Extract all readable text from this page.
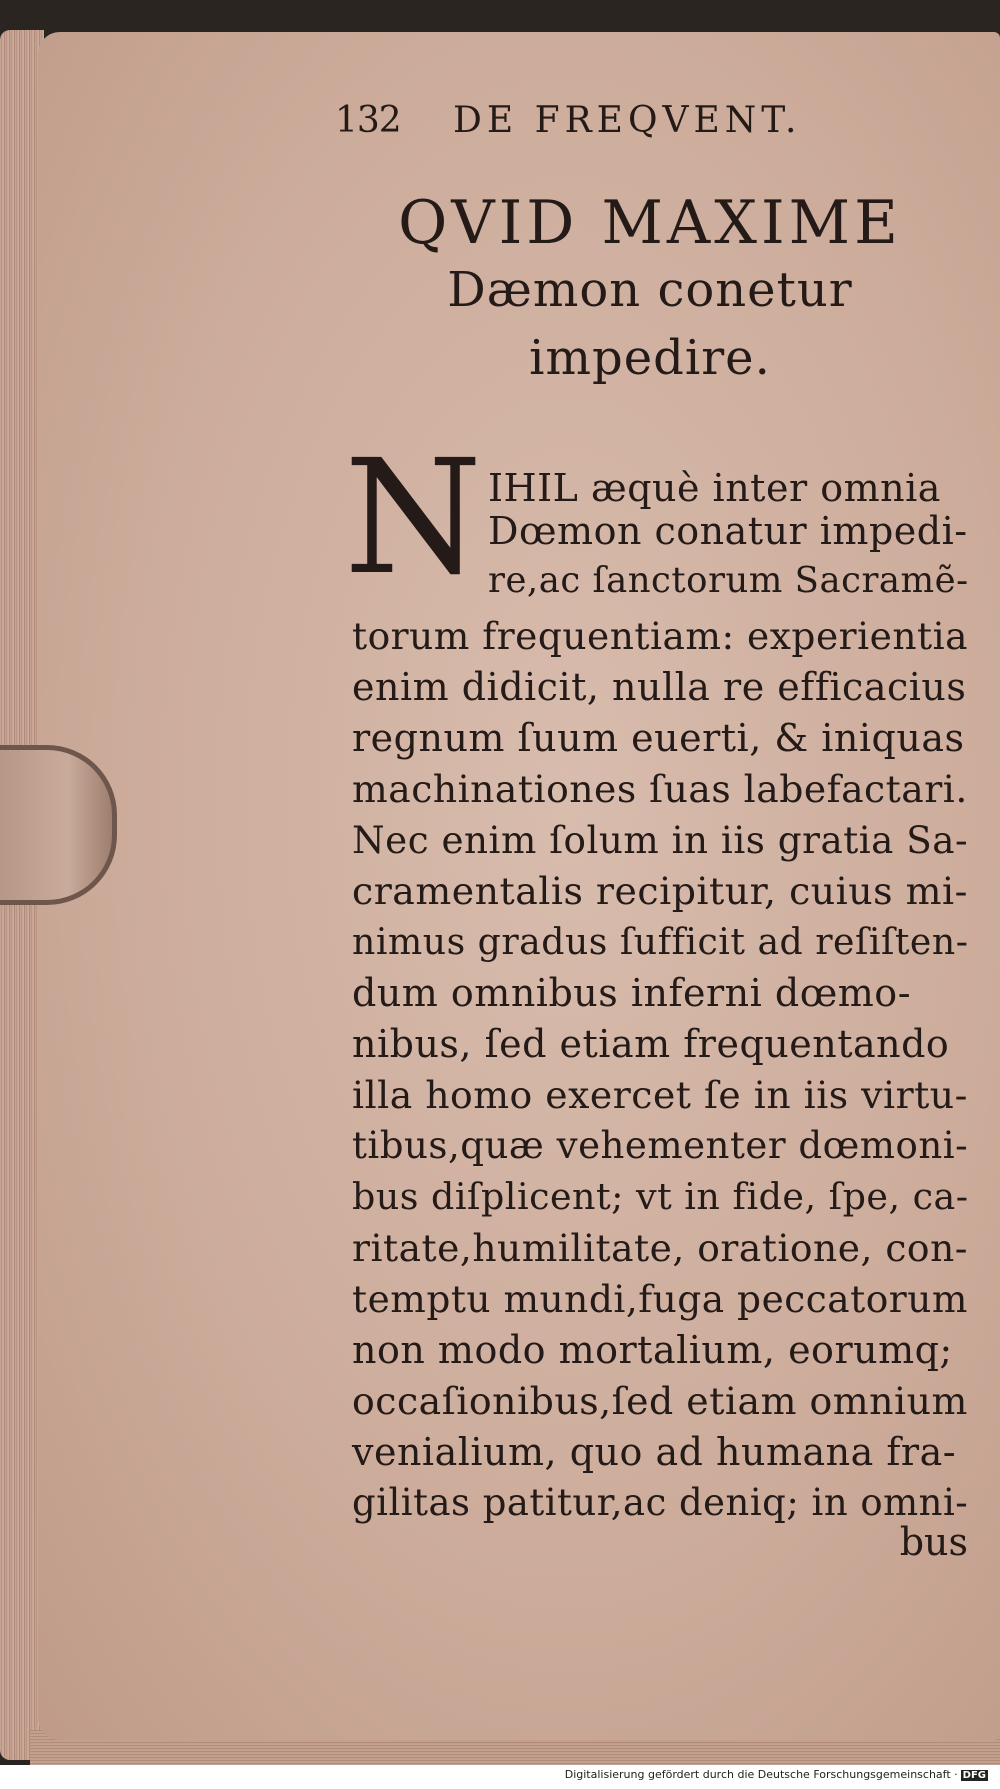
132 DE FREQVENT.
QVID MAXIME
Dæmon conetur
impedire.
N IHIL æquè inter omnia
Dœmon conatur impedi-
re,ac ſanctorum Sacramẽ-
torum frequentiam: experientia
enim didicit, nulla re efficacius
regnum ſuum euerti, & iniquas
machinationes ſuas labefactari.
Nec enim ſolum in iis gratia Sa-
cramentalis recipitur, cuius mi-
nimus gradus ſufficit ad reſiſten-
dum omnibus inferni dœmo-
nibus, ſed etiam frequentando
illa homo exercet ſe in iis virtu-
tibus,quæ vehementer dœmoni-
bus diſplicent; vt in fide, ſpe, ca-
ritate,humilitate, oratione, con-
temptu mundi,fuga peccatorum
non modo mortalium, eorumq;
occaſionibus,ſed etiam omnium
venialium, quo ad humana fra-
gilitas patitur,ac deniq; in omni-
bus
Digitalisierung gefördert durch die Deutsche Forschungsgemeinschaft · DFG
